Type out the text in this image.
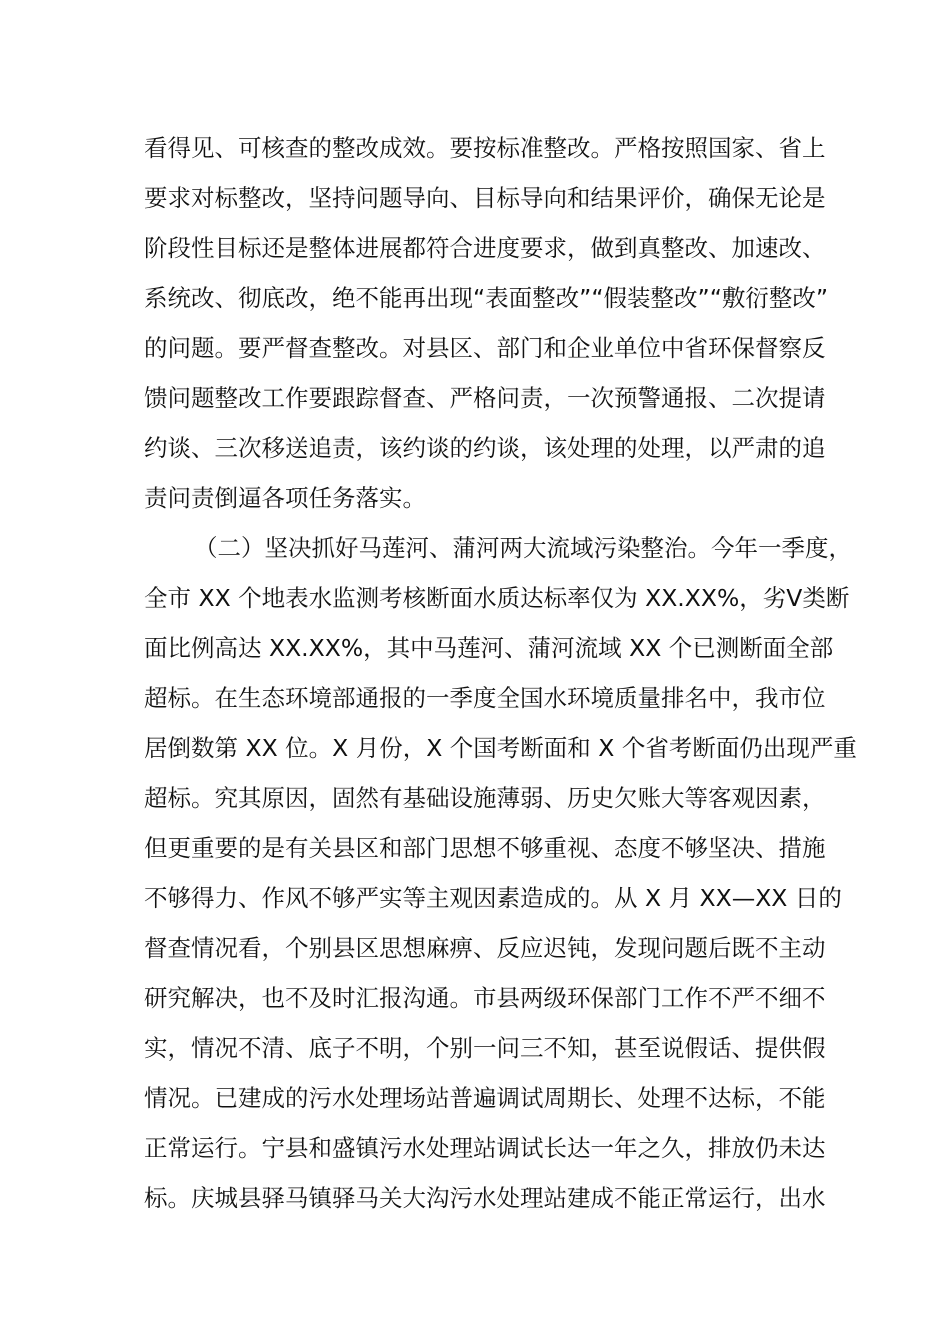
看得见、可核查的整改成效。要按标准整改。严格按照国家、省上
要求对标整改，坚持问题导向、目标导向和结果评价，确保无论是
阶段性目标还是整体进展都符合进度要求，做到真整改、加速改、
系统改、彻底改，绝不能再出现“表面整改”“假装整改”“敷衍整改”
的问题。要严督查整改。对县区、部门和企业单位中省环保督察反
馈问题整改工作要跟踪督查、严格问责，一次预警通报、二次提请
约谈、三次移送追责，该约谈的约谈，该处理的处理，以严肃的追
责问责倒逼各项任务落实。
（二）坚决抓好马莲河、蒲河两大流域污染整治。今年一季度，
全市 XX 个地表水监测考核断面水质达标率仅为 XX.XX%，劣V类断
面比例高达 XX.XX%，其中马莲河、蒲河流域 XX 个已测断面全部
超标。在生态环境部通报的一季度全国水环境质量排名中，我市位
居倒数第 XX 位。X 月份，X 个国考断面和 X 个省考断面仍出现严重
超标。究其原因，固然有基础设施薄弱、历史欠账大等客观因素，
但更重要的是有关县区和部门思想不够重视、态度不够坚决、措施
不够得力、作风不够严实等主观因素造成的。从 X 月 XX—XX 日的
督查情况看，个别县区思想麻痹、反应迟钝，发现问题后既不主动
研究解决，也不及时汇报沟通。市县两级环保部门工作不严不细不
实，情况不清、底子不明，个别一问三不知，甚至说假话、提供假
情况。已建成的污水处理场站普遍调试周期长、处理不达标，不能
正常运行。宁县和盛镇污水处理站调试长达一年之久，排放仍未达
标。庆城县驿马镇驿马关大沟污水处理站建成不能正常运行，出水
